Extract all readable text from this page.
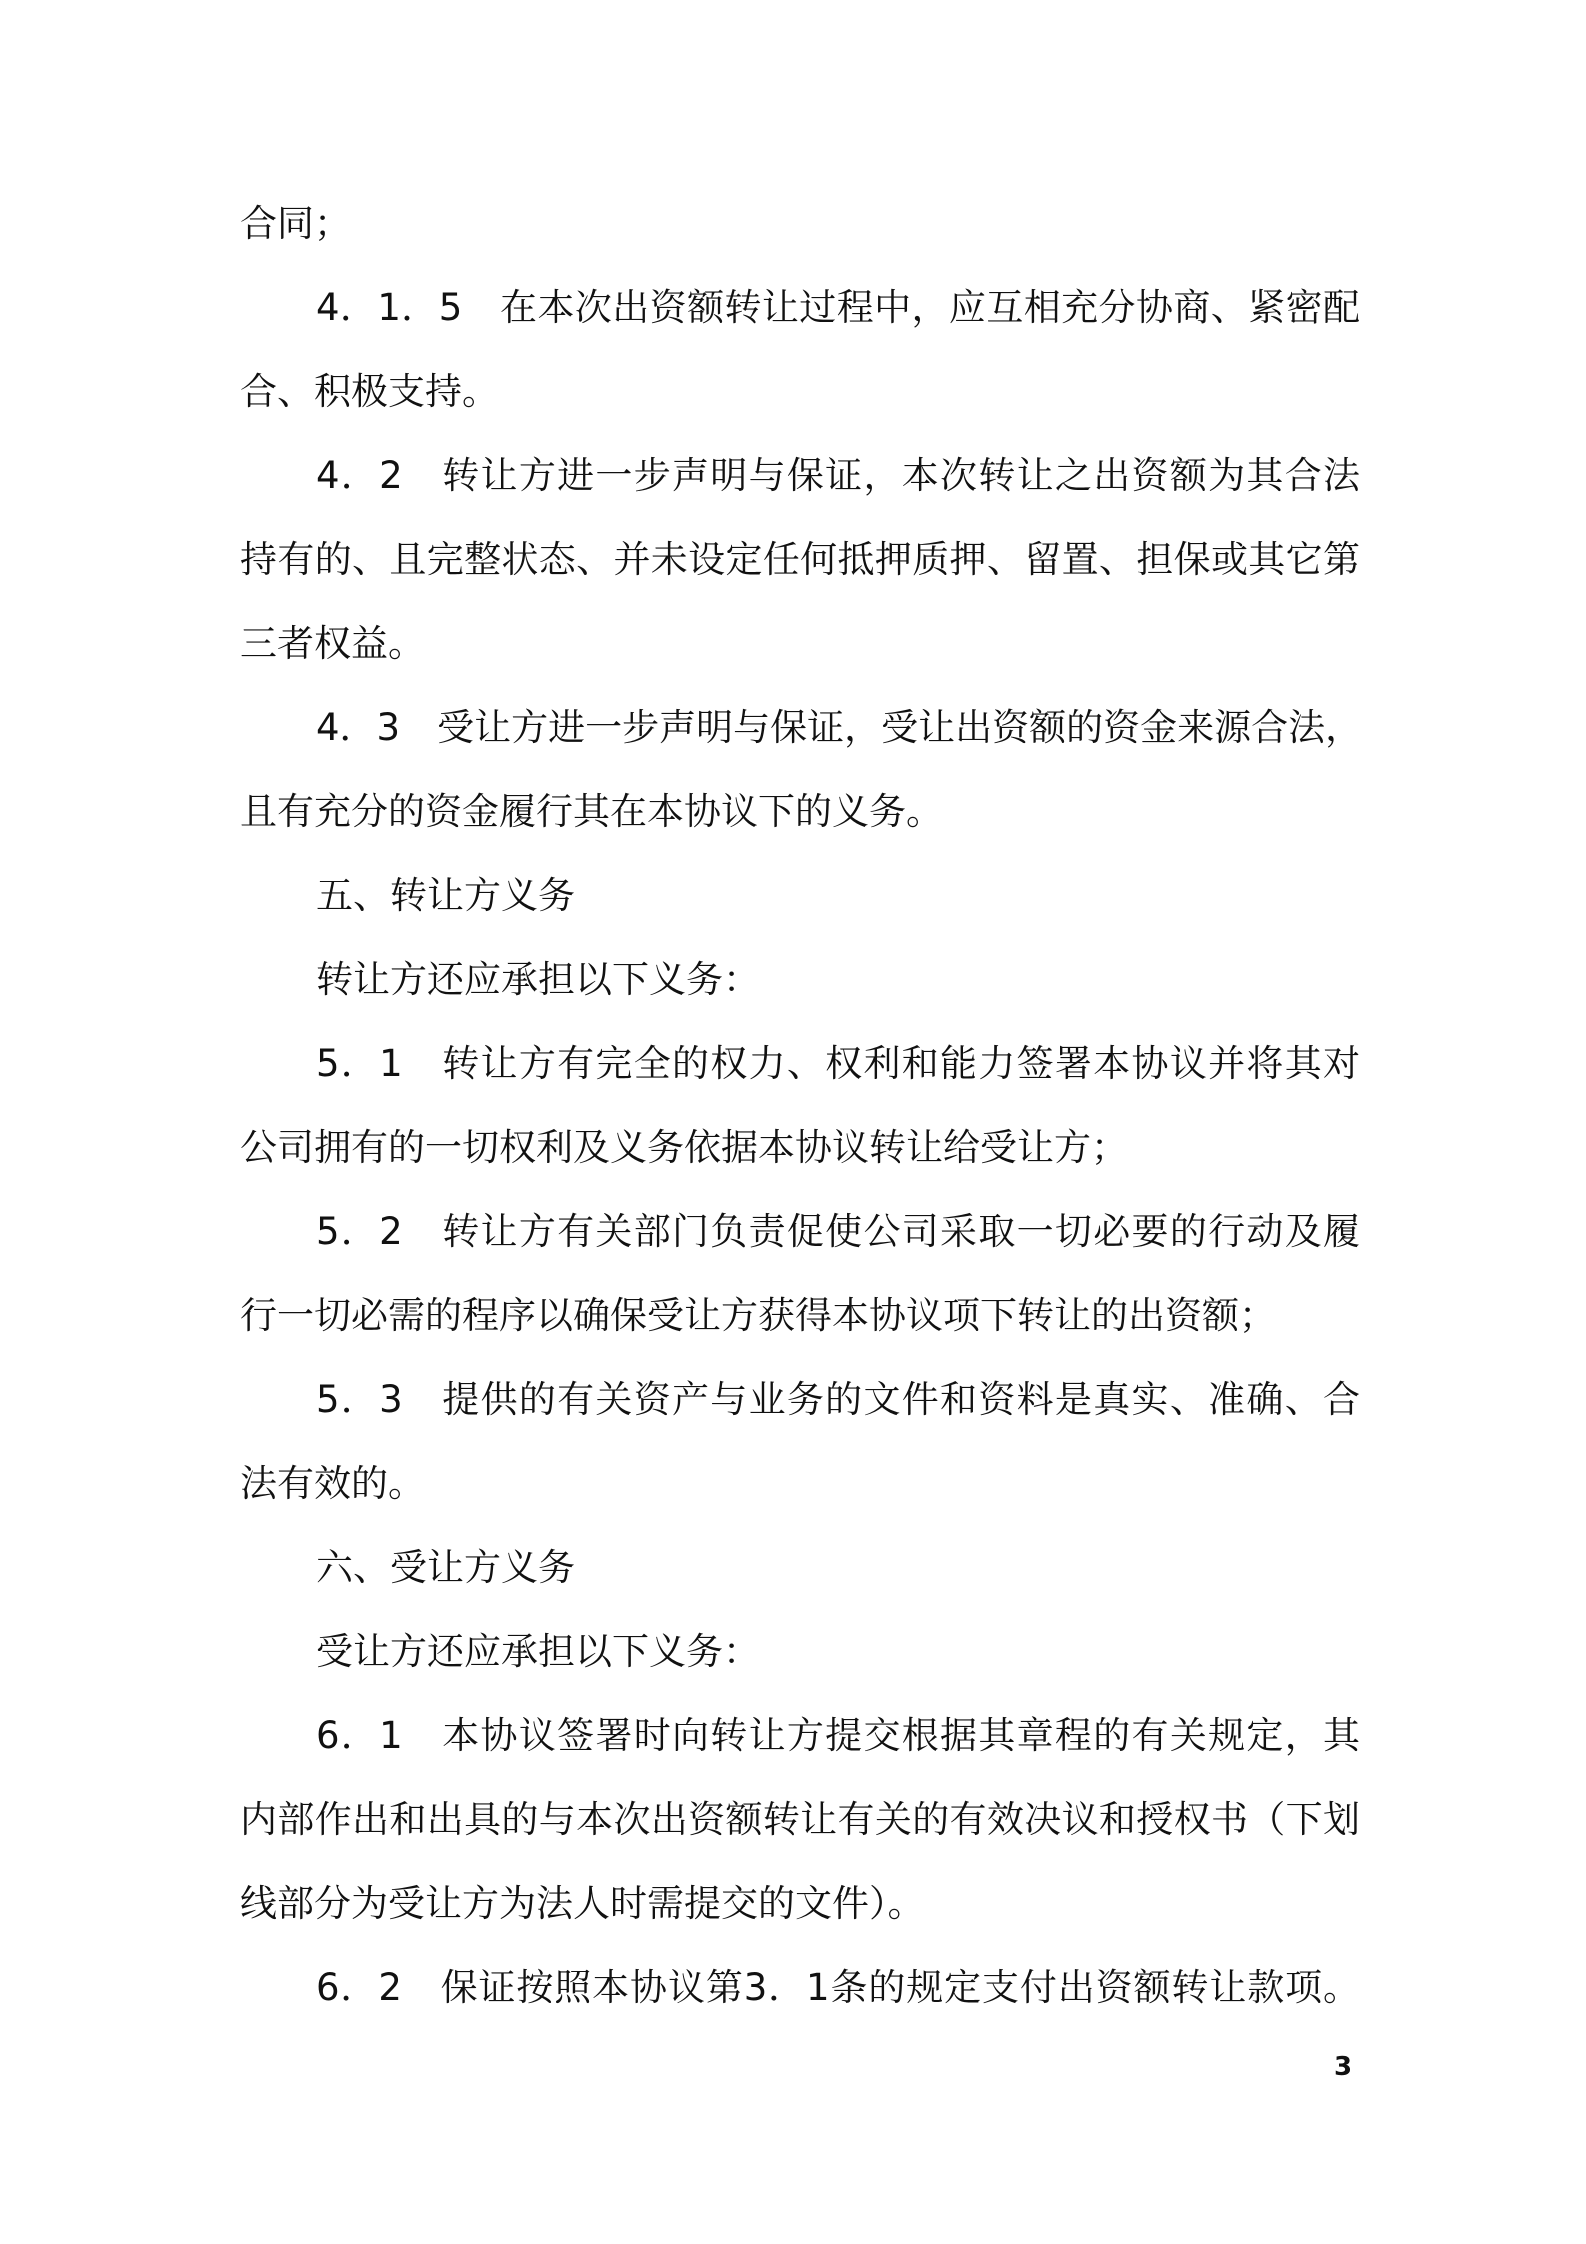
合同；
4．1．5　在本次出资额转让过程中，应互相充分协商、紧密配
合、积极支持。
4．2　转让方进一步声明与保证，本次转让之出资额为其合法
持有的、且完整状态、并未设定任何抵押质押、留置、担保或其它第
三者权益。
4．3　受让方进一步声明与保证，受让出资额的资金来源合法，
且有充分的资金履行其在本协议下的义务。
五、转让方义务
转让方还应承担以下义务：
5．1　转让方有完全的权力、权利和能力签署本协议并将其对
公司拥有的一切权利及义务依据本协议转让给受让方；
5．2　转让方有关部门负责促使公司采取一切必要的行动及履
行一切必需的程序以确保受让方获得本协议项下转让的出资额；
5．3　提供的有关资产与业务的文件和资料是真实、准确、合
法有效的。
六、受让方义务
受让方还应承担以下义务：
6．1　本协议签署时向转让方提交根据其章程的有关规定，其
内部作出和出具的与本次出资额转让有关的有效决议和授权书（下划
线部分为受让方为法人时需提交的文件）。
6．2　保证按照本协议第3．1条的规定支付出资额转让款项。
3
